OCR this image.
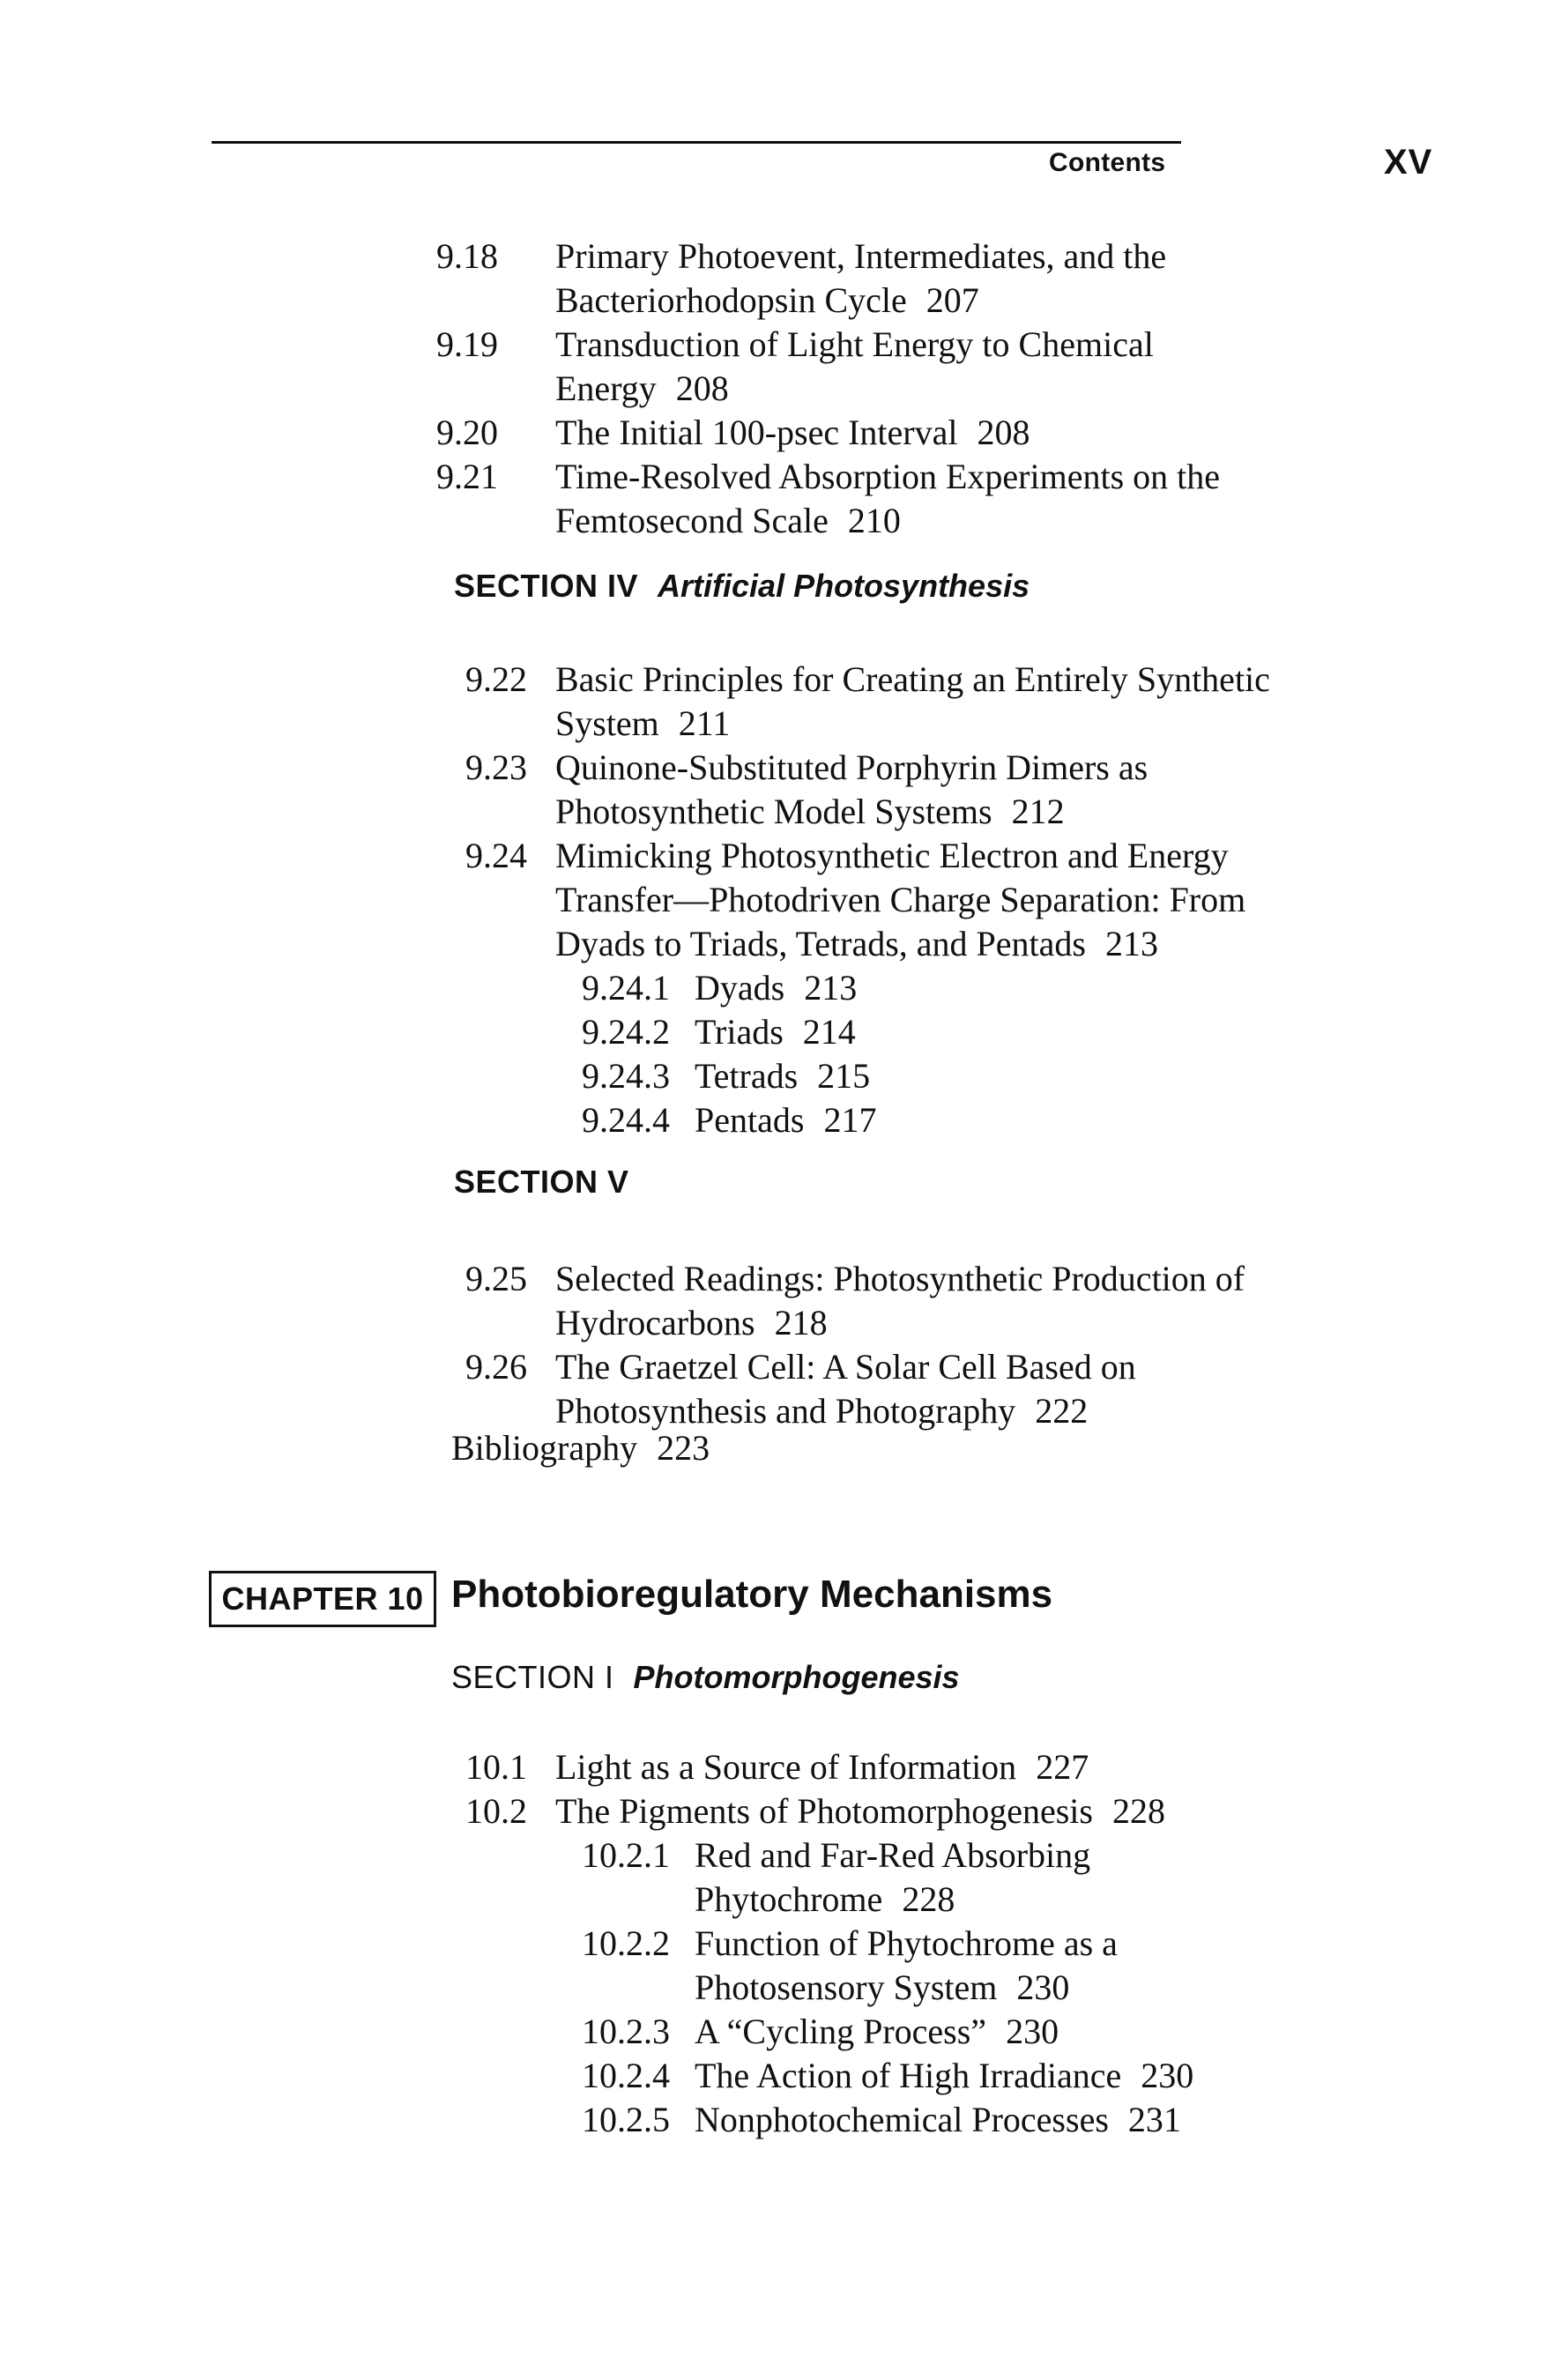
Contents	XV
9.18 Primary Photoevent, Intermediates, and the
Bacteriorhodopsin Cycle 207
9.19 Transduction of Light Energy to Chemical
Energy 208
9.20 The Initial 100-psec Interval 208
9.21 Time-Resolved Absorption Experiments on the
Femtosecond Scale 210
SECTION IV Artificial Photosynthesis
9.22 Basic Principles for Creating an Entirely Synthetic
System 211
9.23 Quinone-Substituted Porphyrin Dimers as
Photosynthetic Model Systems 212
9.24 Mimicking Photosynthetic Electron and Energy
Transfer—Photodriven Charge Separation: From
Dyads to Triads, Tetrads, and Pentads 213
9.24.1 Dyads 213
9.24.2 Triads 214
9.24.3 Tetrads 215
9.24.4 Pentads 217
SECTION V
9.25 Selected Readings: Photosynthetic Production of
Hydrocarbons 218
9.26 The Graetzel Cell: A Solar Cell Based on
Photosynthesis and Photography 222
Bibliography 223
CHAPTER 10 Photobioregulatory Mechanisms
SECTION I Photomorphogenesis
10.1 Light as a Source of Information 227
10.2 The Pigments of Photomorphogenesis 228
10.2.1 Red and Far-Red Absorbing
Phytochrome 228
10.2.2 Function of Phytochrome as a
Photosensory System 230
10.2.3 A “Cycling Process” 230
10.2.4 The Action of High Irradiance 230
10.2.5 Nonphotochemical Processes 231
